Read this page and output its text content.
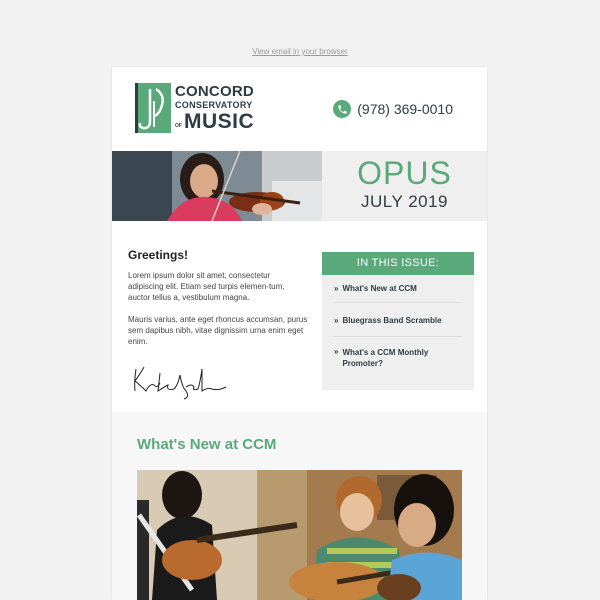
View email in your browser
CONCORD
CONSERVATORY
OF MUSIC
(978) 369-0010
OPUS
JULY 2019
Greetings!

Lorem ipsum dolor sit amet, consectetur adipiscing elit. Etiam sed turpis elemen-tum, auctor tellus a, vestibulum magna.

Mauris varius, ante eget rhoncus accumsan, purus sem dapibus nibh, vitae dignissim urna enim eget enim.

IN THIS ISSUE:
» What's New at CCM
» Bluegrass Band Scramble
» What's a CCM Monthly Promoter?
What's New at CCM
